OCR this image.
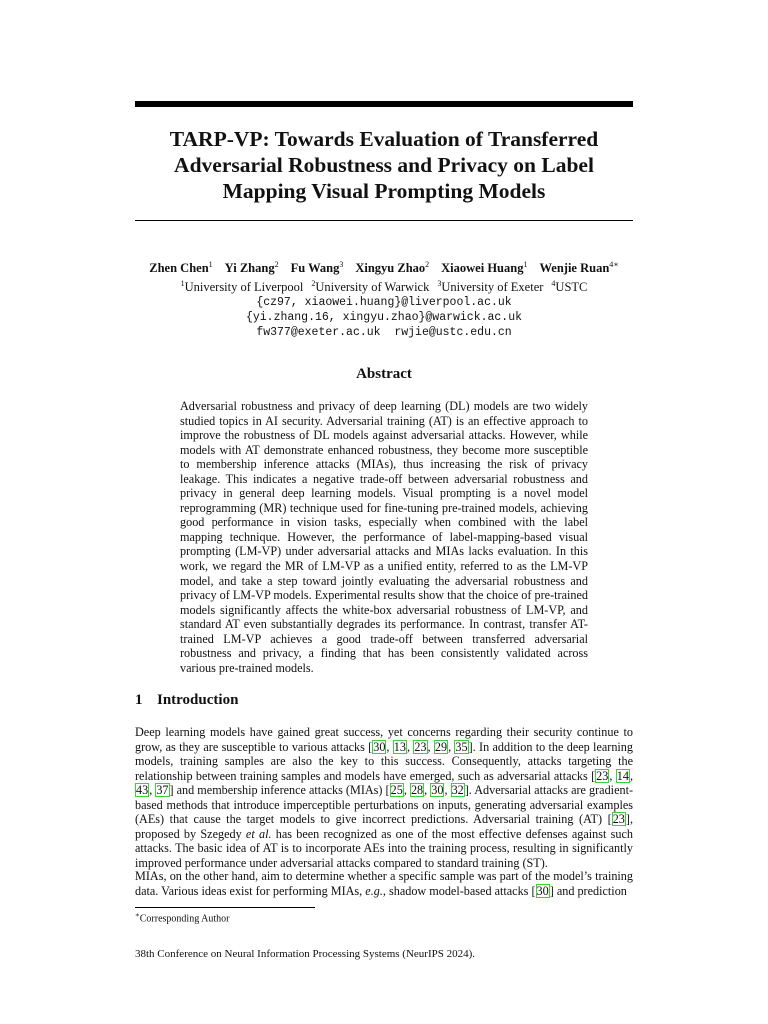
TARP-VP: Towards Evaluation of Transferred Adversarial Robustness and Privacy on Label Mapping Visual Prompting Models
Zhen Chen$^1$ Yi Zhang$^2$ Fu Wang$^3$ Xingyu Zhao$^2$ Xiaowei Huang$^1$ Wenjie Ruan$^{4∗}$
$^1$University of Liverpool $^2$University of Warwick $^3$University of Exeter $^4$USTC
{cz97, xiaowei.huang}@liverpool.ac.uk
{yi.zhang.16, xingyu.zhao}@warwick.ac.uk
fw377@exeter.ac.uk  rwjie@ustc.edu.cn
Abstract
Adversarial robustness and privacy of deep learning (DL) models are two widely studied topics in AI security. Adversarial training (AT) is an effective approach to improve the robustness of DL models against adversarial attacks. However, while models with AT demonstrate enhanced robustness, they become more susceptible to membership inference attacks (MIAs), thus increasing the risk of privacy leakage. This indicates a negative trade-off between adversarial robustness and privacy in general deep learning models. Visual prompting is a novel model reprogramming (MR) technique used for fine-tuning pre-trained models, achieving good performance in vision tasks, especially when combined with the label mapping technique. However, the performance of label-mapping-based visual prompting (LM-VP) under adversarial attacks and MIAs lacks evaluation. In this work, we regard the MR of LM-VP as a unified entity, referred to as the LM-VP model, and take a step toward jointly evaluating the adversarial robustness and privacy of LM-VP models. Experimental results show that the choice of pre-trained models significantly affects the white-box adversarial robustness of LM-VP, and standard AT even substantially degrades its performance. In contrast, transfer AT-trained LM-VP achieves a good trade-off between transferred adversarial robustness and privacy, a finding that has been consistently validated across various pre-trained models.
1 Introduction
Deep learning models have gained great success, yet concerns regarding their security continue to grow, as they are susceptible to various attacks [30, 13, 23, 29, 35]. In addition to the deep learning models, training samples are also the key to this success. Consequently, attacks targeting the relationship between training samples and models have emerged, such as adversarial attacks [23, 14, 43, 37] and membership inference attacks (MIAs) [25, 28, 30, 32]. Adversarial attacks are gradient-based methods that introduce imperceptible perturbations on inputs, generating adversarial examples (AEs) that cause the target models to give incorrect predictions. Adversarial training (AT) [23], proposed by Szegedy et al. has been recognized as one of the most effective defenses against such attacks. The basic idea of AT is to incorporate AEs into the training process, resulting in significantly improved performance under adversarial attacks compared to standard training (ST).
MIAs, on the other hand, aim to determine whether a specific sample was part of the model’s training data. Various ideas exist for performing MIAs, e.g., shadow model-based attacks [30] and prediction
∗Corresponding Author
38th Conference on Neural Information Processing Systems (NeurIPS 2024).
